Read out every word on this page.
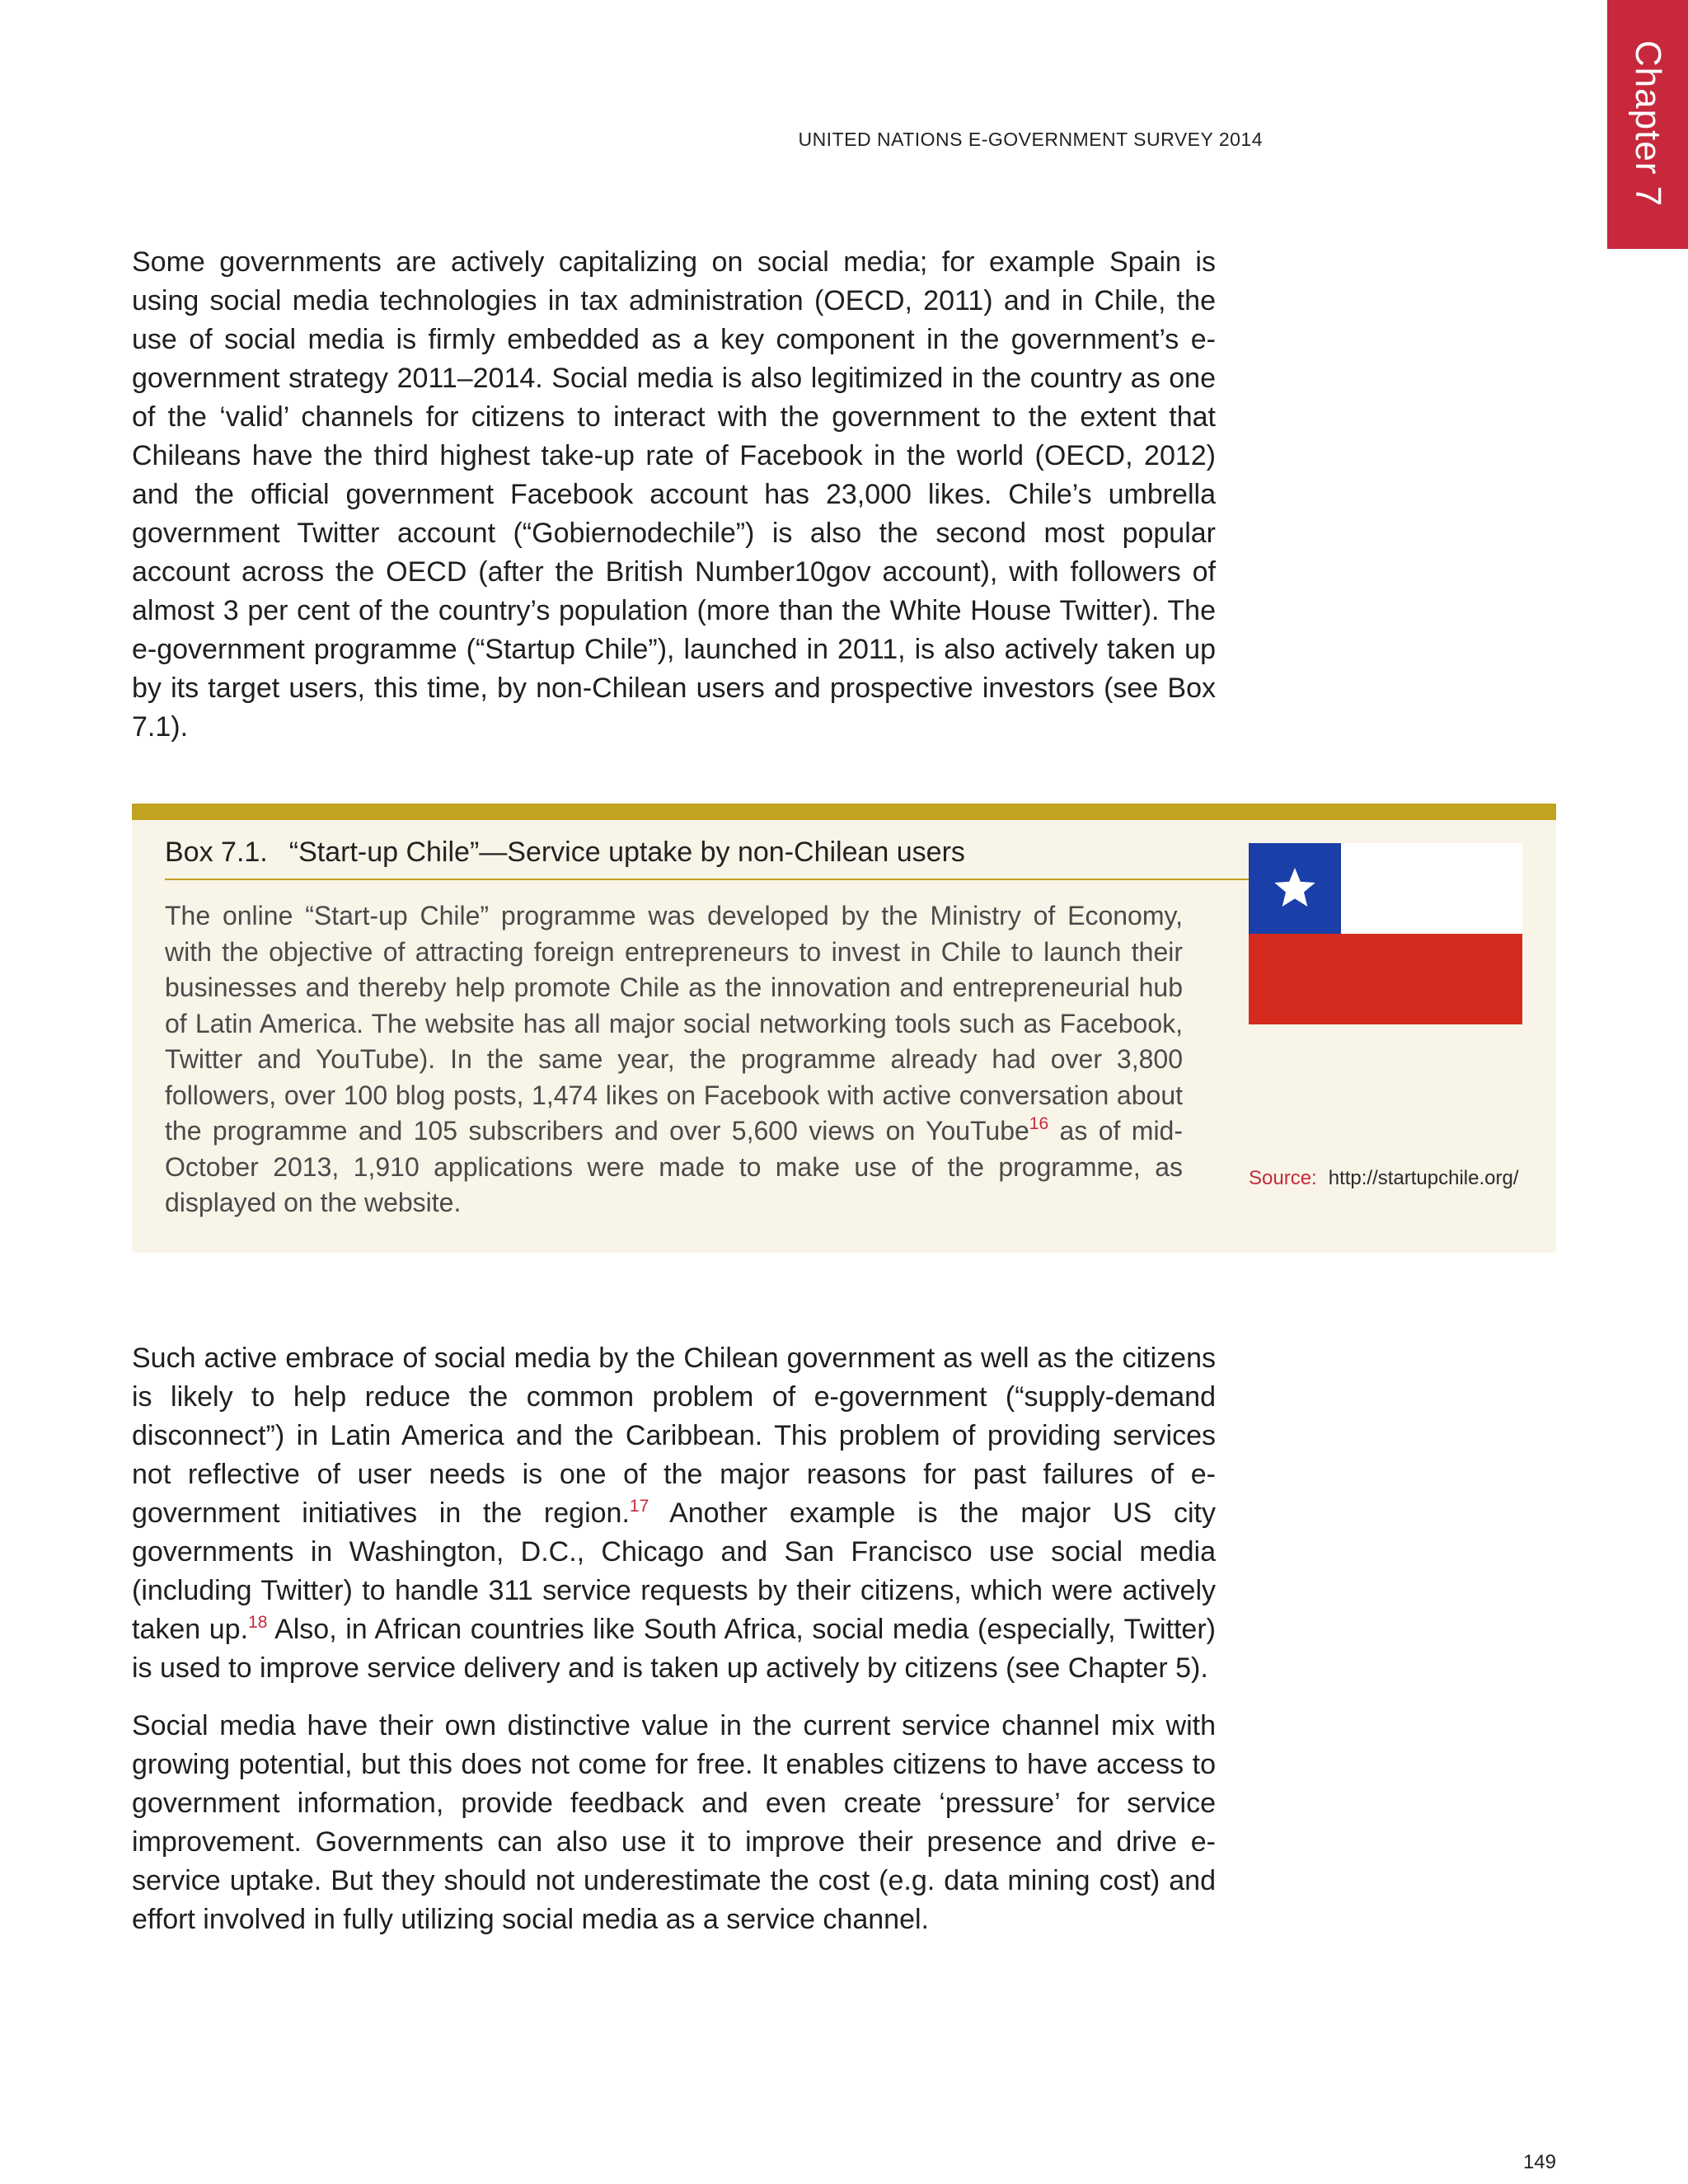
Chapter 7
UNITED NATIONS E-GOVERNMENT SURVEY 2014

Some governments are actively capitalizing on social media; for example Spain is using social media technologies in tax administration (OECD, 2011) and in Chile, the use of social media is firmly embedded as a key component in the government’s e-government strategy 2011–2014. Social media is also legitimized in the country as one of the ‘valid’ channels for citizens to interact with the government to the extent that Chileans have the third highest take-up rate of Facebook in the world (OECD, 2012) and the official government Facebook account has 23,000 likes. Chile’s umbrella government Twitter account (“Gobiernodechile”) is also the second most popular account across the OECD (after the British Number10gov account), with followers of almost 3 per cent of the country’s population (more than the White House Twitter). The e-government programme (“Startup Chile”), launched in 2011, is also actively taken up by its target users, this time, by non-Chilean users and prospective investors (see Box 7.1).

Box 7.1. “Start-up Chile”—Service uptake by non-Chilean users
The online “Start-up Chile” programme was developed by the Ministry of Economy, with the objective of attracting foreign entrepreneurs to invest in Chile to launch their businesses and thereby help promote Chile as the innovation and entrepreneurial hub of Latin America. The website has all major social networking tools such as Facebook, Twitter and YouTube). In the same year, the programme already had over 3,800 followers, over 100 blog posts, 1,474 likes on Facebook with active conversation about the programme and 105 subscribers and over 5,600 views on YouTube$^{16}$ as of mid-October 2013, 1,910 applications were made to make use of the programme, as displayed on the website.
Source: http://startupchile.org/

Such active embrace of social media by the Chilean government as well as the citizens is likely to help reduce the common problem of e-government (“supply-demand disconnect”) in Latin America and the Caribbean. This problem of providing services not reflective of user needs is one of the major reasons for past failures of e-government initiatives in the region.$^{17}$ Another example is the major US city governments in Washington, D.C., Chicago and San Francisco use social media (including Twitter) to handle 311 service requests by their citizens, which were actively taken up.$^{18}$ Also, in African countries like South Africa, social media (especially, Twitter) is used to improve service delivery and is taken up actively by citizens (see Chapter 5).

Social media have their own distinctive value in the current service channel mix with growing potential, but this does not come for free. It enables citizens to have access to government information, provide feedback and even create ‘pressure’ for service improvement. Governments can also use it to improve their presence and drive e-service uptake. But they should not underestimate the cost (e.g. data mining cost) and effort involved in fully utilizing social media as a service channel.

149
